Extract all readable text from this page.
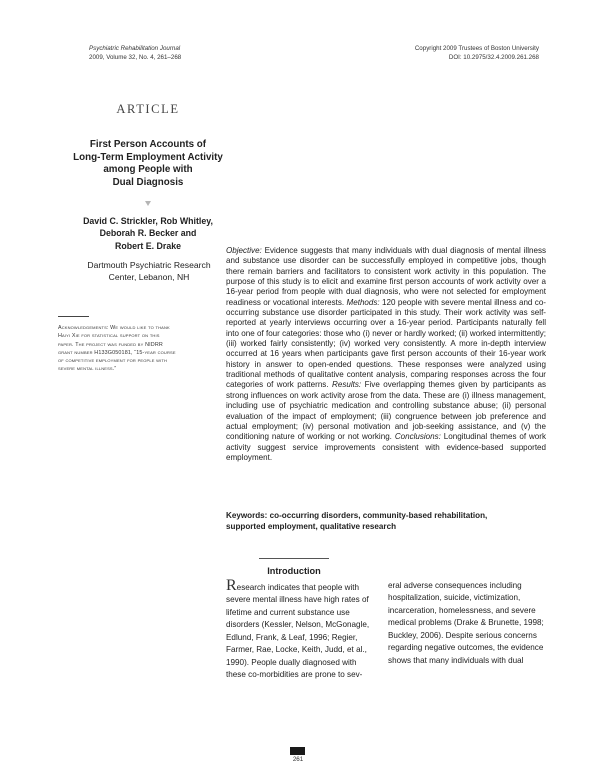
Psychiatric Rehabilitation Journal
2009, Volume 32, No. 4, 261–268
Copyright 2009 Trustees of Boston University
DOI: 10.2975/32.4.2009.261.268
ARTICLE
First Person Accounts of
Long-Term Employment Activity
among People with
Dual Diagnosis
David C. Strickler, Rob Whitley,
Deborah R. Becker and
Robert E. Drake
Dartmouth Psychiatric Research
Center, Lebanon, NH
Acknowledgements: We would like to thank
Haiyi Xie for statistical support on this
paper. The project was funded by NIDRR
grant number H133G050181, “15-year course
of competitive employment for people with
severe mental illness.”
Objective: Evidence suggests that many individuals with dual diagnosis of mental illness and substance use disorder can be successfully employed in competitive jobs, though there remain barriers and facilitators to consistent work activity in this population. The purpose of this study is to elicit and examine first person accounts of work activity over a 16-year period from people with dual diagnosis, who were not selected for employment readiness or vocational interests. Methods: 120 people with severe mental illness and co-occurring substance use disorder participated in this study. Their work activity was self-reported at yearly interviews occurring over a 16-year period. Participants naturally fell into one of four categories: those who (i) never or hardly worked; (ii) worked intermittently; (iii) worked fairly consistently; (iv) worked very consistently. A more in-depth interview occurred at 16 years when participants gave first person accounts of their 16-year work history in answer to open-ended questions. These responses were analyzed using traditional methods of qualitative content analysis, comparing responses across the four categories of work patterns. Results: Five overlapping themes given by participants as strong influences on work activity arose from the data. These are (i) illness management, including use of psychiatric medication and controlling substance abuse; (ii) personal evaluation of the impact of employment; (iii) congruence between job preference and actual employment; (iv) personal motivation and job-seeking assistance, and (v) the conditioning nature of working or not working. Conclusions: Longitudinal themes of work activity suggest service improvements consistent with evidence-based supported employment.
Keywords: co-occurring disorders, community-based rehabilitation, supported employment, qualitative research
Introduction
Research indicates that people with severe mental illness have high rates of lifetime and current substance use disorders (Kessler, Nelson, McGonagle, Edlund, Frank, & Leaf, 1996; Regier, Farmer, Rae, Locke, Keith, Judd, et al., 1990). People dually diagnosed with these co-morbidities are prone to sev-
eral adverse consequences including hospitalization, suicide, victimization, incarceration, homelessness, and severe medical problems (Drake & Brunette, 1998; Buckley, 2006). Despite serious concerns regarding negative outcomes, the evidence shows that many individuals with dual
261
